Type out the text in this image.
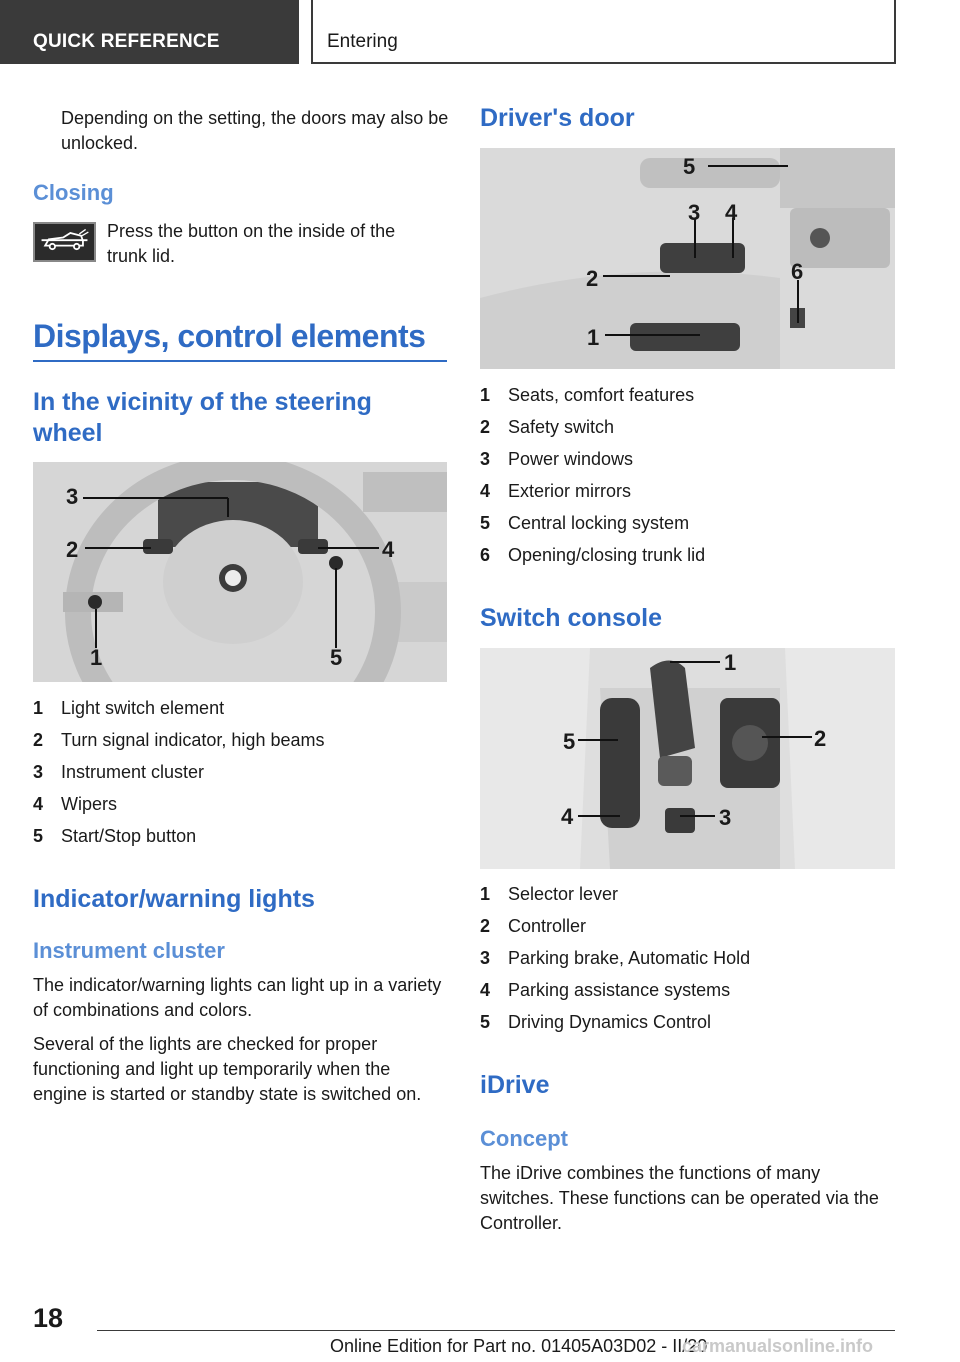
QUICK REFERENCE	Entering

Depending on the setting, the doors may also be unlocked.

Closing

Press the button on the inside of the trunk lid.

Displays, control elements
In the vicinity of the steering wheel
3
2	4
1	5
1 Light switch element
2 Turn signal indicator, high beams
3 Instrument cluster
4 Wipers
5 Start/Stop button
Indicator/warning lights
Instrument cluster

The indicator/warning lights can light up in a variety of combinations and colors.

Several of the lights are checked for proper functioning and light up temporarily when the engine is started or standby state is switched on.

Driver's door
5
3 4
2	6
1
1 Seats, comfort features
2 Safety switch
3 Power windows
4 Exterior mirrors
5 Central locking system
6 Opening/closing trunk lid
Switch console
1
5	2
4	3
1 Selector lever
2 Controller
3 Parking brake, Automatic Hold
4 Parking assistance systems
5 Driving Dynamics Control
iDrive
Concept

The iDrive combines the functions of many switches. These functions can be operated via the Controller.

18
Online Edition for Part no. 01405A03D02 - II/20
carmanualsonline.info
